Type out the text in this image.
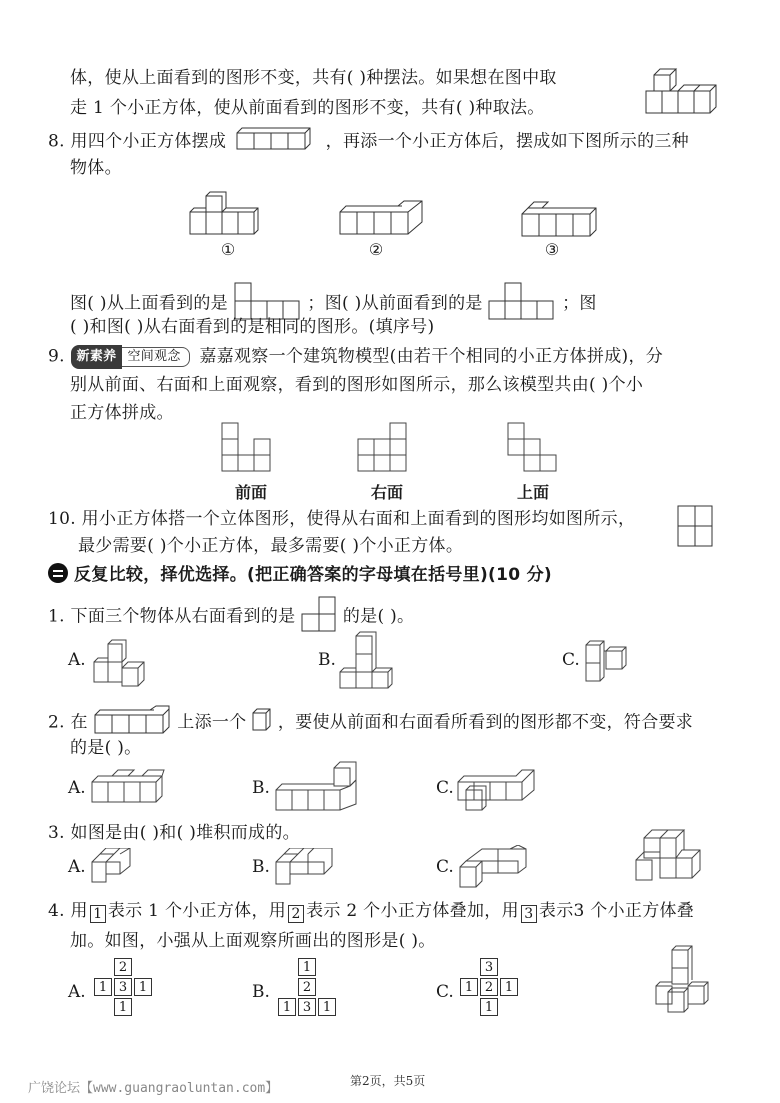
体，使从上面看到的图形不变，共有( )种摆法。如果想在图中取
走 1 个小正方体，使从前面看到的图形不变，共有( )种取法。
8. 用四个小正方体摆成	，再添一个小正方体后，摆成如下图所示的三种
物体。
①	②	③
图( )从上面看到的是	；图( )从前面看到的是	；图
( )和图( )从右面看到的是相同的图形。(填序号)
9. 新素养 空间观念	嘉嘉观察一个建筑物模型(由若干个相同的小正方体拼成)，分
别从前面、右面和上面观察，看到的图形如图所示，那么该模型共由( )个小
正方体拼成。
前面	右面	上面
10. 用小正方体搭一个立体图形，使得从右面和上面看到的图形均如图所示，
最少需要( )个小正方体，最多需要( )个小正方体。
反复比较，择优选择。(把正确答案的字母填在括号里)(10 分)
1. 下面三个物体从右面看到的是	的是( )。
A.	B.	C.
2. 在	上添一个 ，要使从前面和右面看所看到的图形都不变，符合要求
的是( )。
A.	B.	C.
3. 如图是由( )和( )堆积而成的。
A.	B.	C.
4. 用 1 表示 1 个小正方体，用 2 表示 2 个小正方体叠加，用 3 表示3 个小正方体叠
加。如图，小强从上面观察所画出的图形是( )。
A.
2
1 3 1
1
B.
1
2
1 3 1
C.
3
1 2 1
1
广饶论坛【www.guangraoluntan.com】	第2页，共5页
